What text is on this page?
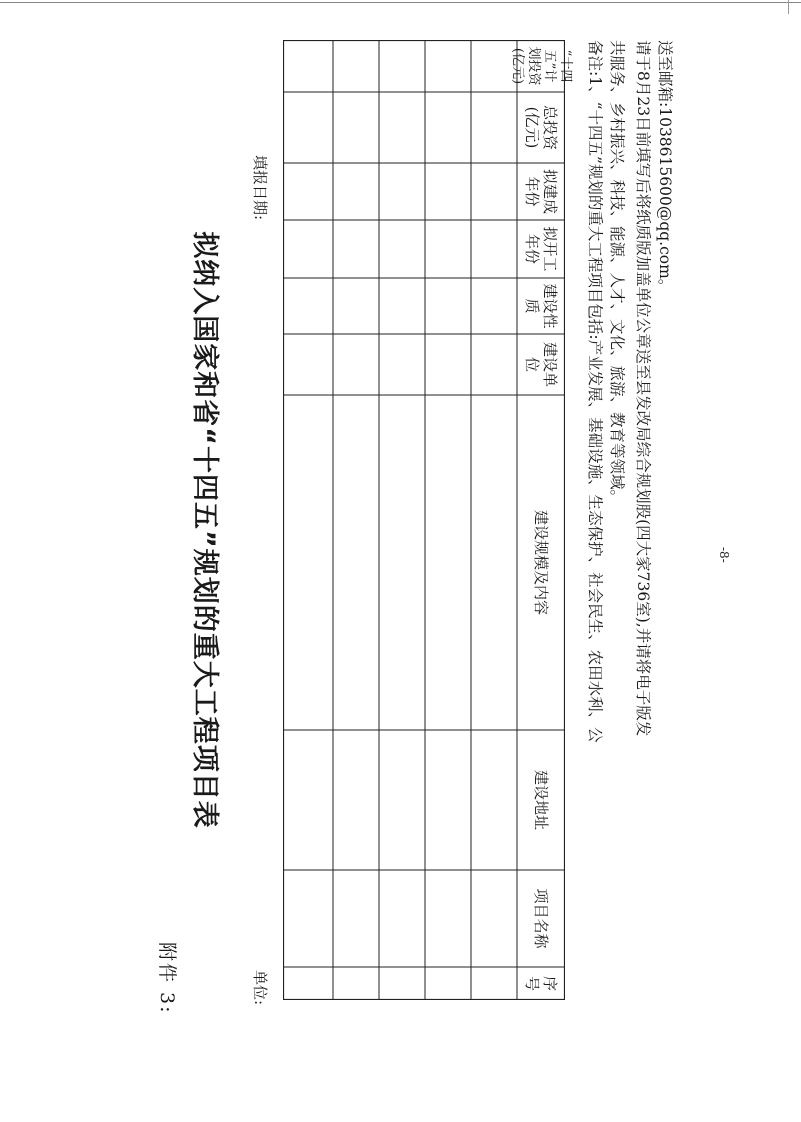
附件 3:
拟纳入国家和省“十四五”规划的重大工程项目表
单位:
填报日期:
序号
项目名称
建设地址
建设规模及内容
建设单位
建设性质
拟开工年份
拟建成年份
总投资(亿元)
“十四五”计划投资(亿元)	备注:1、“十四五”规划的重大工程项目包括:产业发展、基础设施、生态保护、社会民生、农田水利、公 共服务、乡村振兴、科技、能源、人才、文化、旅游、教育等领域。 请于8月23日前填写后将纸质版加盖单位公章送至县发改局综合规划股(四大家736室),并请将电子版发 送至邮箱:1038615600@qq.com。

-8-
